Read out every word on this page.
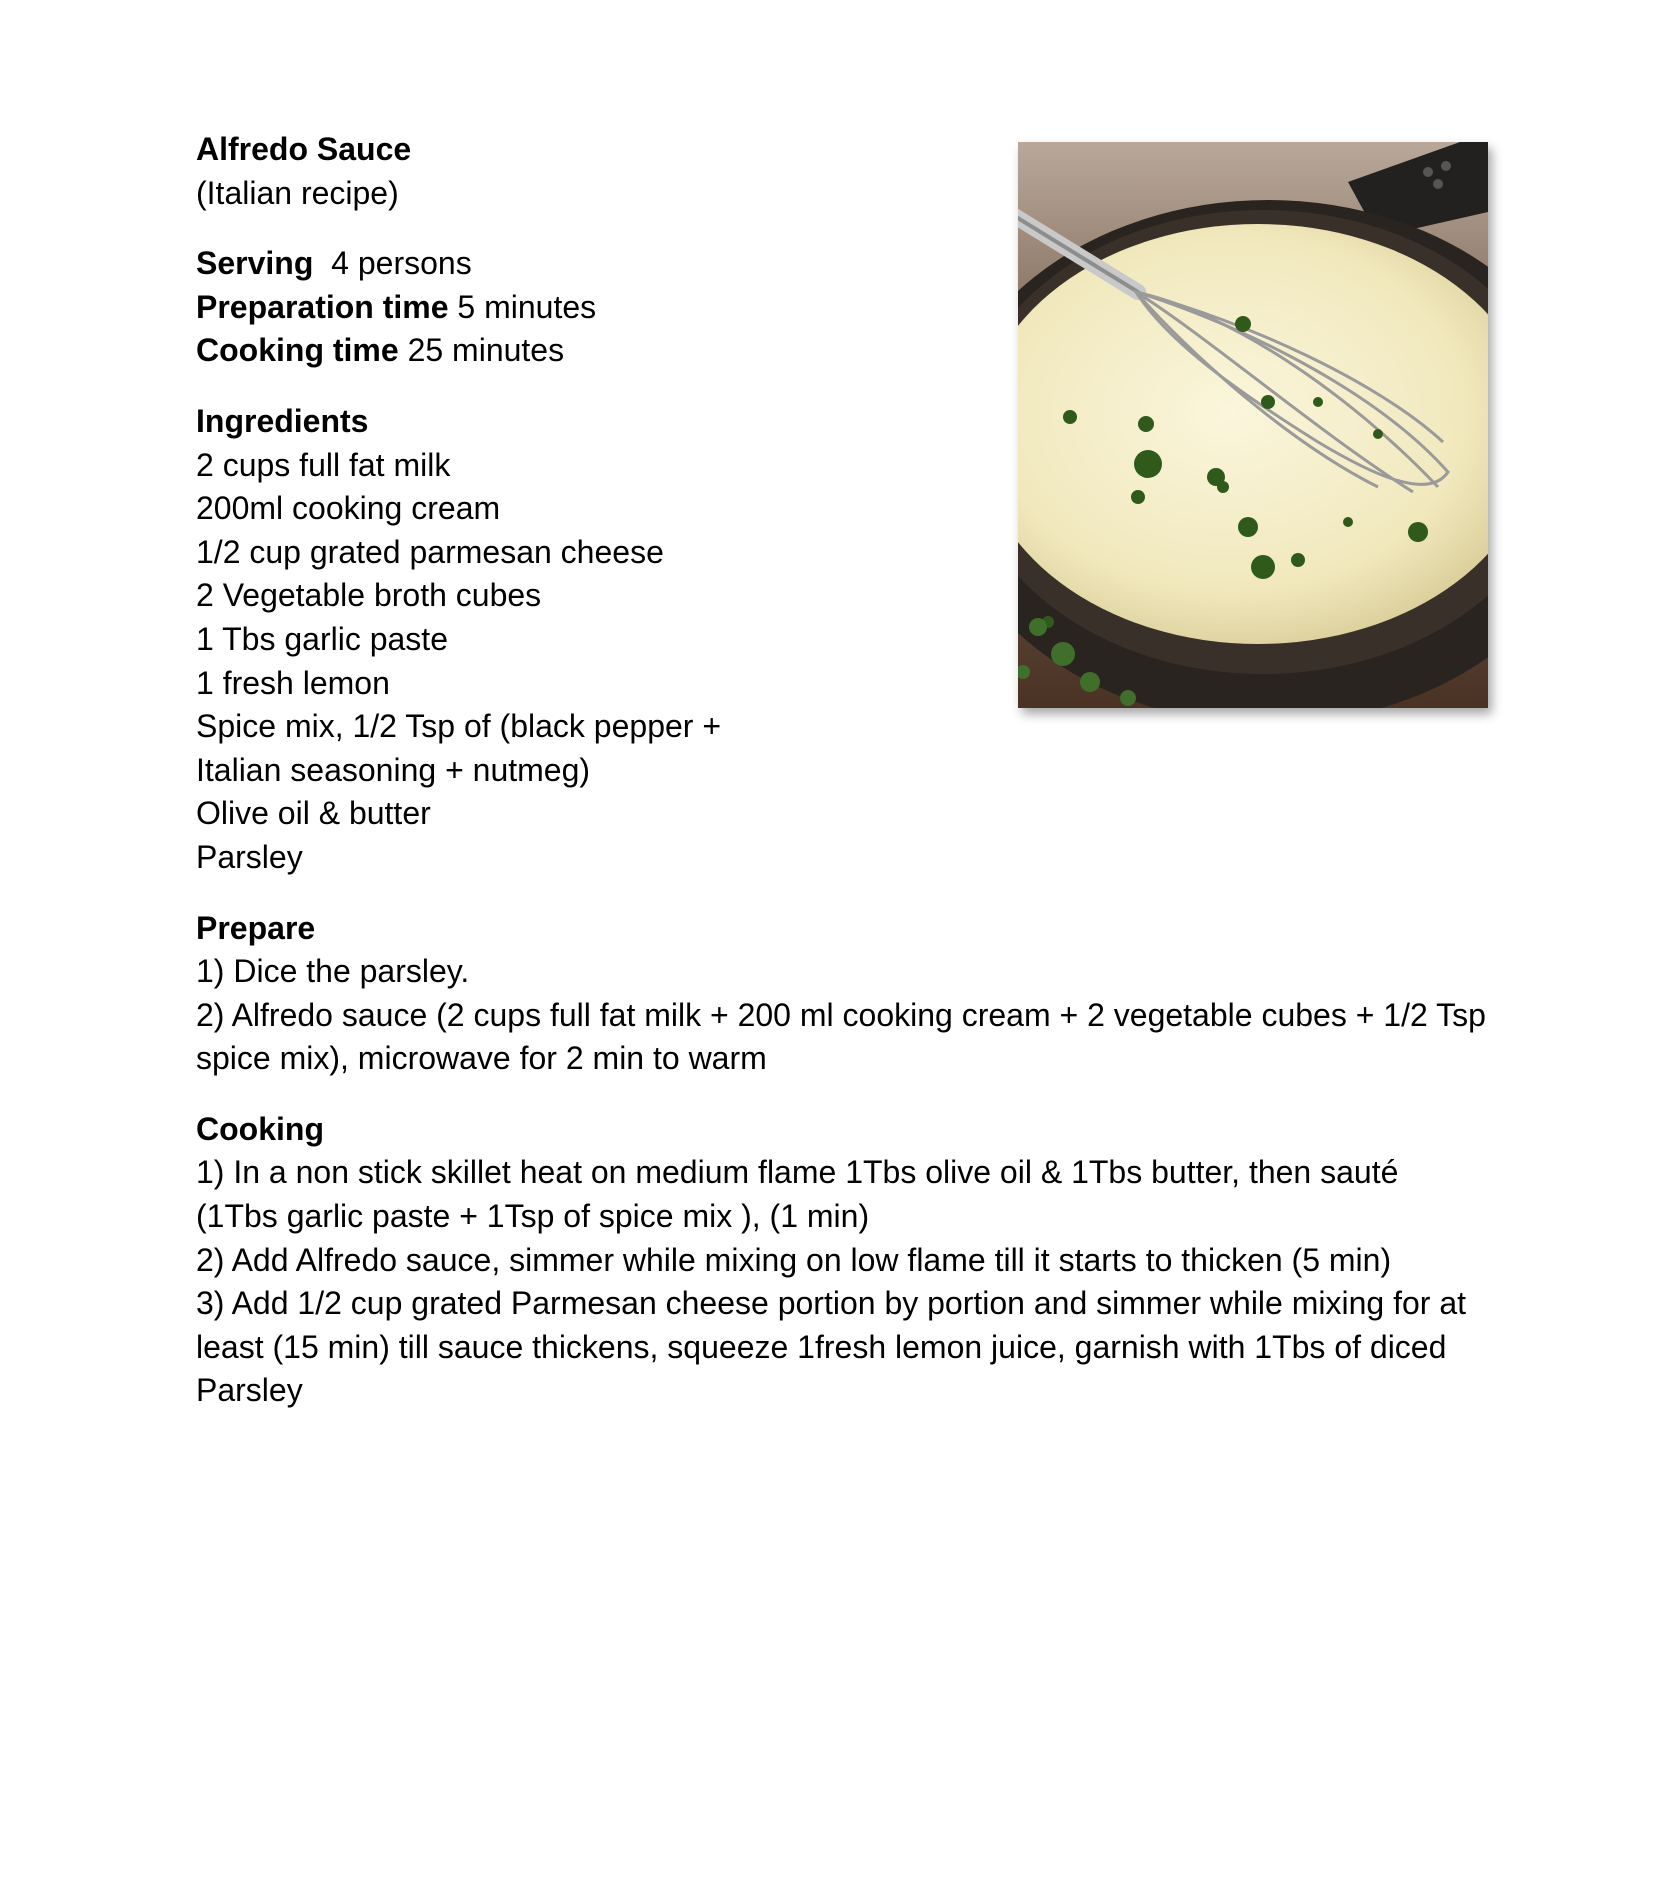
Alfredo Sauce

(Italian recipe)

Serving 4 persons

Preparation time 5 minutes

Cooking time 25 minutes

Ingredients

2 cups full fat milk

200ml cooking cream

1/2 cup grated parmesan cheese

2 Vegetable broth cubes

1 Tbs garlic paste

1 fresh lemon

Spice mix, 1/2 Tsp of (black pepper +

Italian seasoning + nutmeg)

Olive oil & butter

Parsley

Prepare

1) Dice the parsley.

2) Alfredo sauce (2 cups full fat milk + 200 ml cooking cream + 2 vegetable cubes + 1/2 Tsp spice mix), microwave for 2 min to warm

Cooking

1) In a non stick skillet heat on medium flame 1Tbs olive oil & 1Tbs butter, then sauté (1Tbs garlic paste + 1Tsp of spice mix ), (1 min)

2) Add Alfredo sauce, simmer while mixing on low flame till it starts to thicken (5 min)

3) Add 1/2 cup grated Parmesan cheese portion by portion and simmer while mixing for at least (15 min) till sauce thickens, squeeze 1fresh lemon juice, garnish with 1Tbs of diced Parsley
